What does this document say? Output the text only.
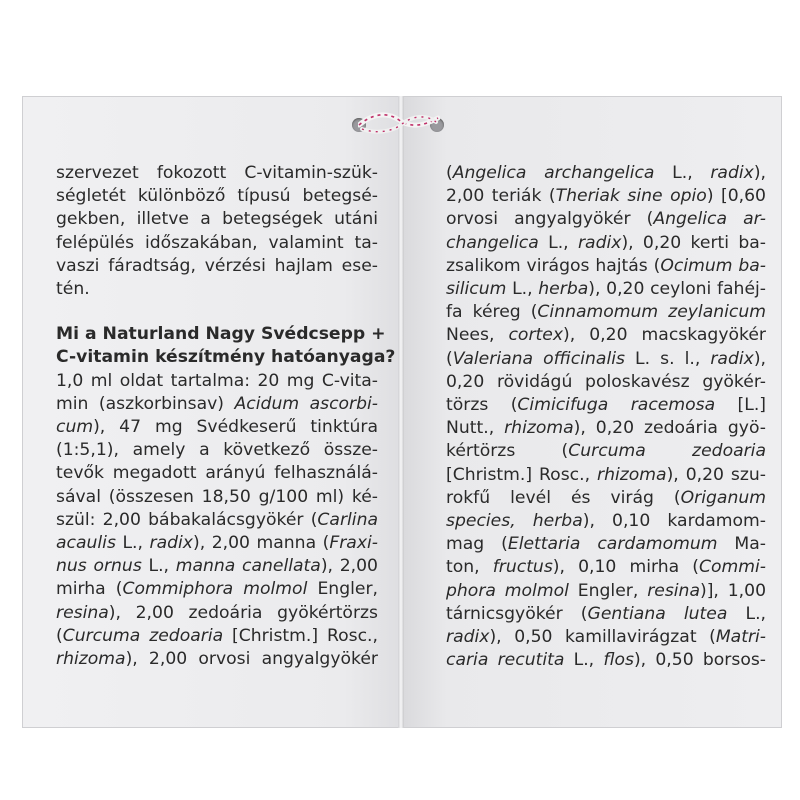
szervezet fokozott C-vitamin-szük-
ségletét különböző típusú betegsé-
gekben, illetve a betegségek utáni
felépülés időszakában, valamint ta-
vaszi fáradtság, vérzési hajlam ese-
tén.
Mi a Naturland Nagy Svédcsepp +
C-vitamin készítmény hatóanyaga?
1,0 ml oldat tartalma: 20 mg C-vita-
min (aszkorbinsav) Acidum ascorbi-
cum), 47 mg Svédkeserű tinktúra
(1:5,1), amely a következő össze-
tevők megadott arányú felhasználá-
sával (összesen 18,50 g/100 ml) ké-
szül: 2,00 bábakalácsgyökér (Carlina
acaulis L., radix), 2,00 manna (Fraxi-
nus ornus L., manna canellata), 2,00
mirha (Commiphora molmol Engler,
resina), 2,00 zedoária gyökértörzs
(Curcuma zedoaria [Christm.] Rosc.,
rhizoma), 2,00 orvosi angyalgyökér
(Angelica archangelica L., radix),
2,00 teriák (Theriak sine opio) [0,60
orvosi angyalgyökér (Angelica ar-
changelica L., radix), 0,20 kerti ba-
zsalikom virágos hajtás (Ocimum ba-
silicum L., herba), 0,20 ceyloni fahéj-
fa kéreg (Cinnamomum zeylanicum
Nees, cortex), 0,20 macskagyökér
(Valeriana officinalis L. s. l., radix),
0,20 rövidágú poloskavész gyökér-
törzs (Cimicifuga racemosa [L.]
Nutt., rhizoma), 0,20 zedoária gyö-
kértörzs (Curcuma zedoaria
[Christm.] Rosc., rhizoma), 0,20 szu-
rokfű levél és virág (Origanum
species, herba), 0,10 kardamom-
mag (Elettaria cardamomum Ma-
ton, fructus), 0,10 mirha (Commi-
phora molmol Engler, resina)], 1,00
tárnicsgyökér (Gentiana lutea L.,
radix), 0,50 kamillavirágzat (Matri-
caria recutita L., flos), 0,50 borsos-
